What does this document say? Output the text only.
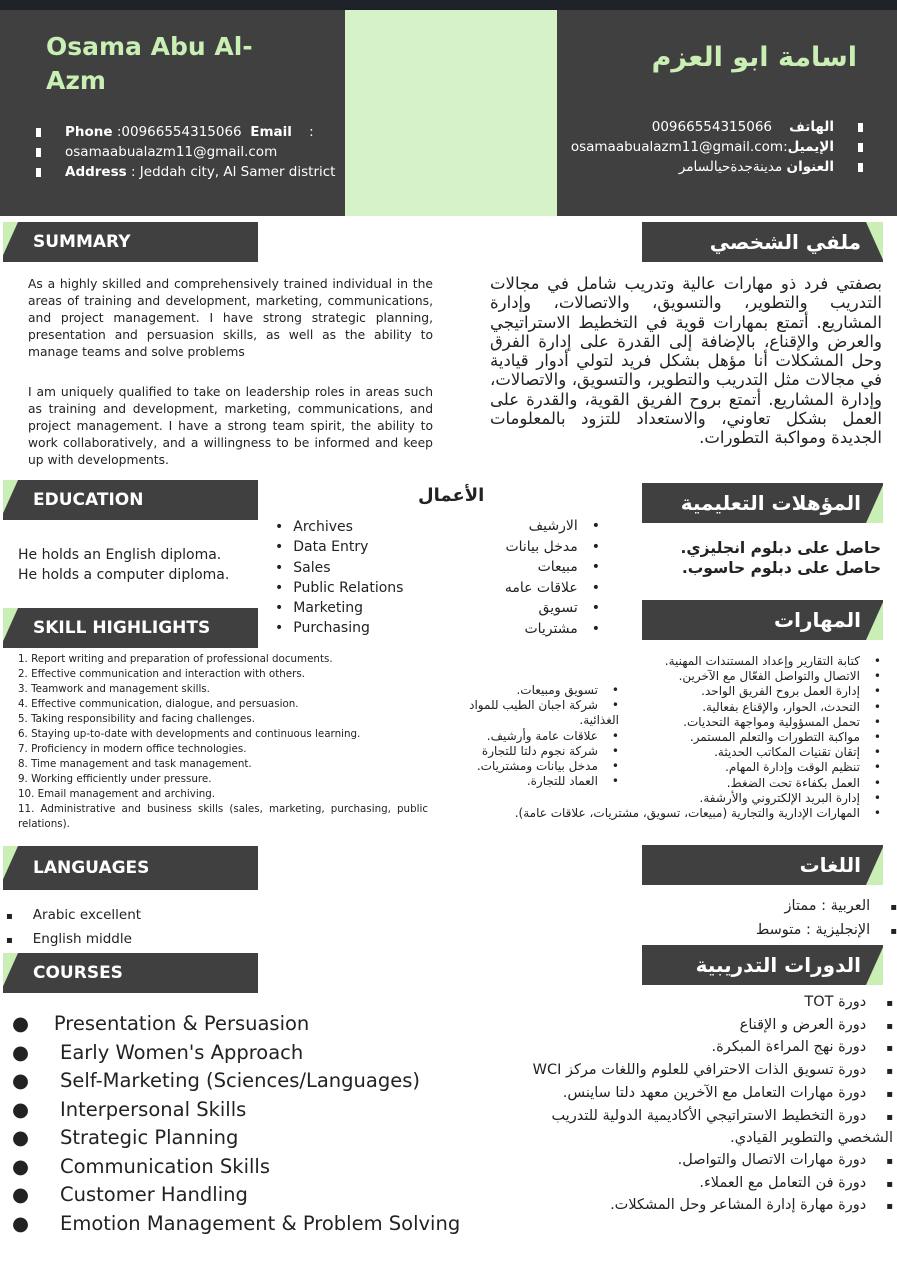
Osama Abu Al-Azm
اسامة ابو العزم
Phone :00966554315066 Email :
osamaabualazm11@gmail.com
Address : Jeddah city, Al Samer district
الهاتف    00966554315066
الإيميل:osamaabualazm11@gmail.com
العنوان مدينةجدةحيالسامر
SUMMARY	ملفي الشخصي
As a highly skilled and comprehensively trained individual in the areas of training and development, marketing, communications, and project management. I have strong strategic planning, presentation and persuasion skills, as well as the ability to manage teams and solve problems
I am uniquely qualified to take on leadership roles in areas such as training and development, marketing, communications, and project management. I have a strong team spirit, the ability to work collaboratively, and a willingness to be informed and keep up with developments.
بصفتي فرد ذو مهارات عالية وتدريب شامل في مجالات التدريب والتطوير، والتسويق، والاتصالات، وإدارة المشاريع. أتمتع بمهارات قوية في التخطيط الاستراتيجي والعرض والإقناع، بالإضافة إلى القدرة على إدارة الفرق وحل المشكلات أنا مؤهل بشكل فريد لتولي أدوار قيادية في مجالات مثل التدريب والتطوير، والتسويق، والاتصالات، وإدارة المشاريع. أتمتع بروح الفريق القوية، والقدرة على العمل بشكل تعاوني، والاستعداد للتزود بالمعلومات الجديدة ومواكبة التطورات.
EDUCATION	المؤهلات التعليمية
الأعمال
He holds an English diploma.
He holds a computer diploma.
حاصل على دبلوم انجليزي.
حاصل على دبلوم حاسوب.
• Archives
• Data Entry
• Sales
• Public Relations
• Marketing
• Purchasing
• الارشيف
• مدخل بيانات
• مبيعات
• علاقات عامه
• تسويق
• مشتريات
SKILL HIGHLIGHTS	المهارات
1. Report writing and preparation of professional documents.
2. Effective communication and interaction with others.
3. Teamwork and management skills.
4. Effective communication, dialogue, and persuasion.
5. Taking responsibility and facing challenges.
6. Staying up-to-date with developments and continuous learning.
7. Proficiency in modern office technologies.
8. Time management and task management.
9. Working efficiently under pressure.
10. Email management and archiving.
11. Administrative and business skills (sales, marketing, purchasing, public relations).
• كتابة التقارير وإعداد المستندات المهنية.
• الاتصال والتواصل الفعّال مع الآخرين.
• إدارة العمل بروح الفريق الواحد.
• التحدث، الحوار، والإقناع بفعالية.
• تحمل المسؤولية ومواجهة التحديات.
• مواكبة التطورات والتعلم المستمر.
• إتقان تقنيات المكاتب الحديثة.
• تنظيم الوقت وإدارة المهام.
• العمل بكفاءة تحت الضغط.
• إدارة البريد الإلكتروني والأرشفة.
• المهارات الإدارية والتجارية (مبيعات، تسويق، مشتريات، علاقات عامة).
• تسويق ومبيعات.
• شركة اجبان الطيب للمواد الغذائية.
• علاقات عامة وأرشيف.
• شركة نجوم دلتا للتجارة
• مدخل بيانات ومشتريات.
• العماد للتجارة.
LANGUAGES	اللغات
▪ Arabic excellent
▪ English middle
▪ العربية : ممتاز
▪ الإنجليزية : متوسط
COURSES	الدورات التدريبية
●    Presentation & Persuasion
●     Early Women's Approach
●     Self-Marketing (Sciences/Languages)
●     Interpersonal Skills
●     Strategic Planning
●     Communication Skills
●     Customer Handling
●     Emotion Management & Problem Solving
▪ دورة TOT
▪ دورة العرض و الإقناع
▪ دورة نهج المراءة المبكرة.
▪ دورة تسويق الذات الاحترافي للعلوم واللغات مركز WCI
▪ دورة مهارات التعامل مع الآخرين معهد دلتا ساينس.
▪ دورة التخطيط الاستراتيجي الأكاديمية الدولية للتدريب الشخصي والتطوير القيادي.
▪ دورة مهارات الاتصال والتواصل.
▪ دورة فن التعامل مع العملاء.
▪ دورة مهارة إدارة المشاعر وحل المشكلات.
